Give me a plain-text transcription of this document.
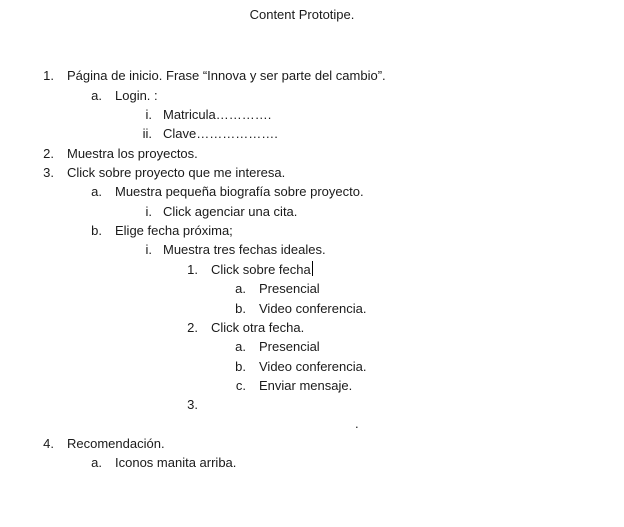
Content Prototipe.
1. Página de inicio. Frase “Innova y ser parte del cambio”.
a. Login. :
i. Matricula………….
ii. Clave……………….
2. Muestra los proyectos.
3. Click sobre proyecto que me interesa.
a. Muestra pequeña biografía sobre proyecto.
i. Click agenciar una cita.
b. Elige fecha próxima;
i. Muestra tres fechas ideales.
1. Click sobre fecha
a. Presencial
b. Video conferencia.
2. Click otra fecha.
a. Presencial
b. Video conferencia.
c. Enviar mensaje.
3.
.
4. Recomendación.
a. Iconos manita arriba.
